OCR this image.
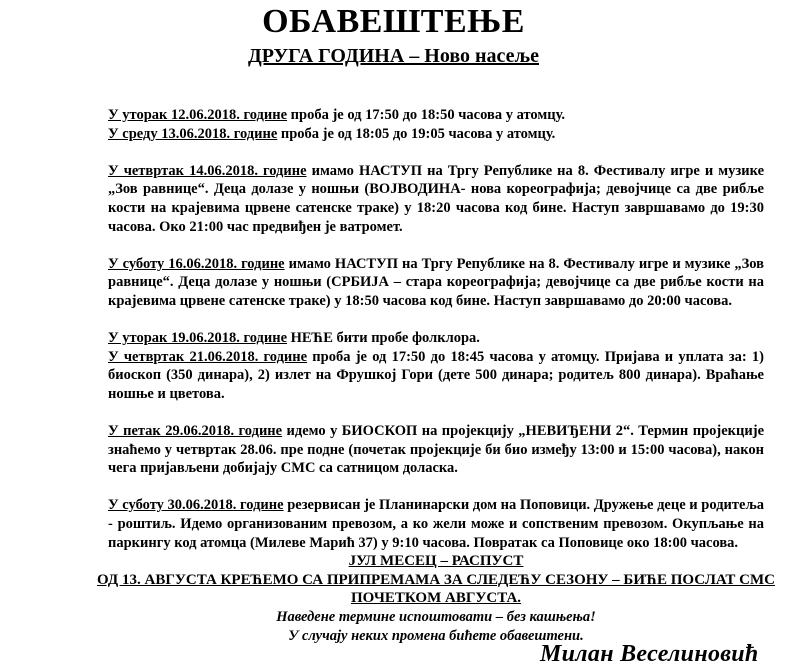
ОБАВЕШТЕЊЕ
ДРУГА ГОДИНА – Ново насеље

У уторак 12.06.2018. године проба је од 17:50 до 18:50 часова у атомцу.

У среду 13.06.2018. године проба је од 18:05 до 19:05 часова у атомцу.

У четвртак 14.06.2018. године имамо НАСТУП на Тргу Републике на 8. Фестивалу игре и музике „Зов равнице“. Деца долазе у ношњи (ВОЈВОДИНА- нова кореографија; девојчице са две рибље кости на крајевима црвене сатенске траке) у 18:20 часова код бине. Наступ завршавамо до 19:30 часова. Око 21:00 час предвиђен је ватромет.

У суботу 16.06.2018. године имамо НАСТУП на Тргу Републике на 8. Фестивалу игре и музике „Зов равнице“. Деца долазе у ношњи (СРБИЈА – стара кореографија; девојчице са две рибље кости на крајевима црвене сатенске траке) у 18:50 часова код бине. Наступ завршавамо до 20:00 часова.

У уторак 19.06.2018. године НЕЋЕ бити пробе фолклора.

У четвртак 21.06.2018. године проба је од 17:50 до 18:45 часова у атомцу. Пријава и уплата за: 1) биоскоп (350 динара), 2) излет на Фрушкој Гори (дете 500 динара; родитељ 800 динара). Враћање ношње и цветова.

У петак 29.06.2018. године идемо у БИОСКОП на пројекцију „НЕВИЂЕНИ 2“. Термин пројекције знаћемо у четвртак 28.06. пре подне (почетак пројекције би био између 13:00 и 15:00 часова), након чега пријављени добијају СМС са сатницом доласка.

У суботу 30.06.2018. године резервисан је Планинарски дом на Поповици. Дружење деце и родитеља - роштиљ. Идемо организованим превозом, а ко жели може и сопственим превозом. Окупљање на паркингу код атомца (Милеве Марић 37) у 9:10 часова. Повратак са Поповице око 18:00 часова.

ЈУЛ МЕСЕЦ – РАСПУСТ
ОД 13. АВГУСТА КРЕЋЕМО СА ПРИПРЕМАМА ЗА СЛЕДЕЋУ СЕЗОНУ – БИЋЕ ПОСЛАТ СМС
ПОЧЕТКОМ АВГУСТА.
Наведене термине испоштовати – без кашњења!
У случају неких промена бићете обавештени.
Милан Веселиновић
